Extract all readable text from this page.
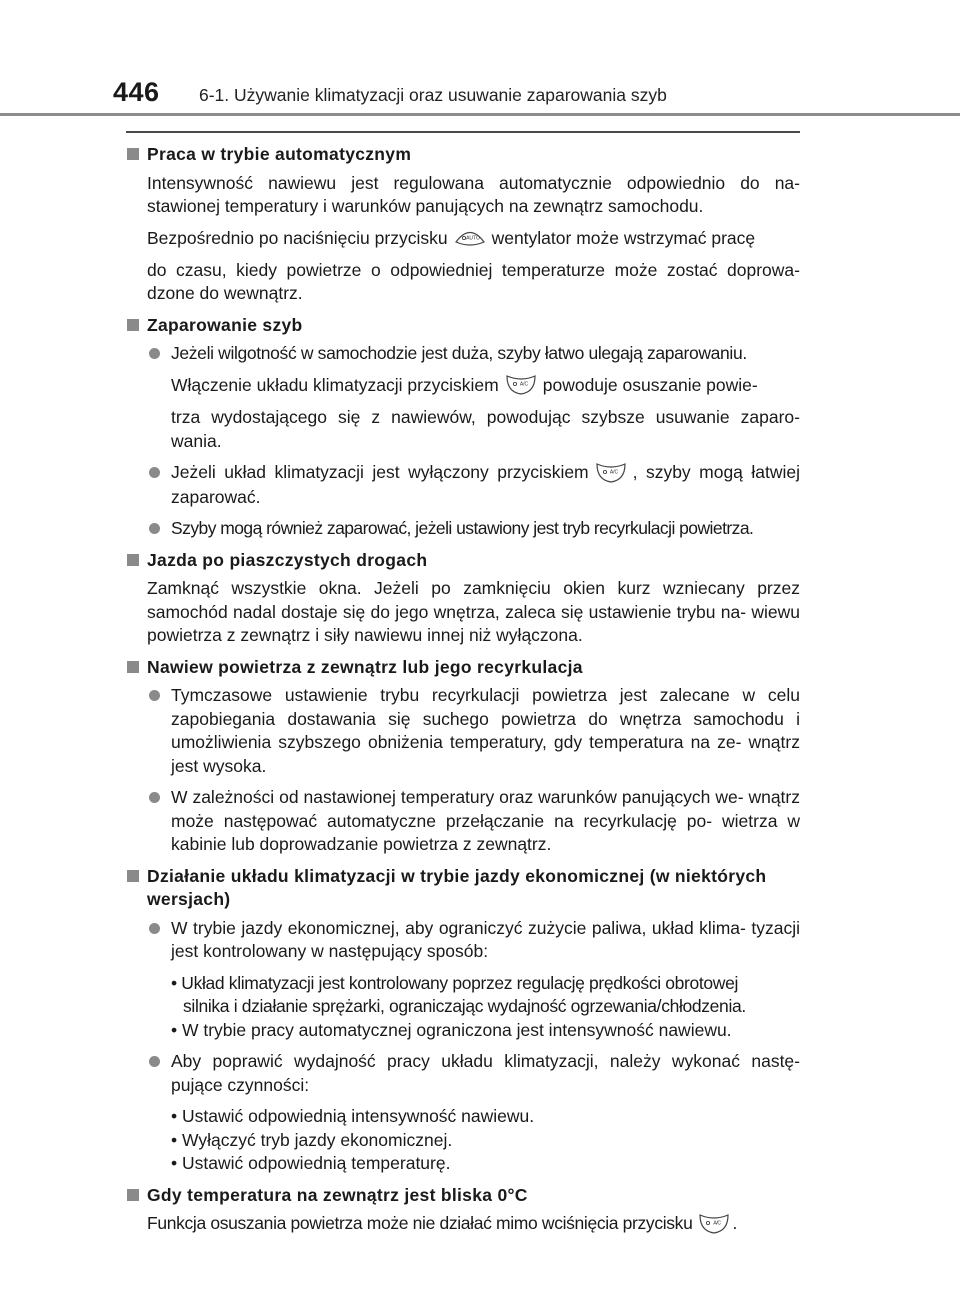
446 6-1. Używanie klimatyzacji oraz usuwanie zaparowania szyb
Praca w trybie automatycznym
Intensywność nawiewu jest regulowana automatycznie odpowiednio do na- stawionej temperatury i warunków panujących na zewnątrz samochodu.
Bezpośrednio po naciśnięciu przycisku	AUTO wentylator może wstrzymać pracę
do czasu, kiedy powietrze o odpowiedniej temperaturze może zostać doprowa- dzone do wewnątrz.
Zaparowanie szyb
Jeżeli wilgotność w samochodzie jest duża, szyby łatwo ulegają zaparowaniu.
Włączenie układu klimatyzacji przyciskiem	A/C powoduje osuszanie powie-
trza wydostającego się z nawiewów, powodując szybsze usuwanie zaparo- wania.
Jeżeli układ klimatyzacji jest wyłączony przyciskiem	A/C , szyby mogą łatwiej zaparować.
Szyby mogą również zaparować, jeżeli ustawiony jest tryb recyrkulacji powietrza.
Jazda po piaszczystych drogach
Zamknąć wszystkie okna. Jeżeli po zamknięciu okien kurz wzniecany przez samochód nadal dostaje się do jego wnętrza, zaleca się ustawienie trybu na- wiewu powietrza z zewnątrz i siły nawiewu innej niż wyłączona.
Nawiew powietrza z zewnątrz lub jego recyrkulacja
Tymczasowe ustawienie trybu recyrkulacji powietrza jest zalecane w celu zapobiegania dostawania się suchego powietrza do wnętrza samochodu i umożliwienia szybszego obniżenia temperatury, gdy temperatura na ze- wnątrz jest wysoka.
W zależności od nastawionej temperatury oraz warunków panujących we- wnątrz może następować automatyczne przełączanie na recyrkulację po- wietrza w kabinie lub doprowadzanie powietrza z zewnątrz.
Działanie układu klimatyzacji w trybie jazdy ekonomicznej (w niektórych wersjach)
W trybie jazdy ekonomicznej, aby ograniczyć zużycie paliwa, układ klima- tyzacji jest kontrolowany w następujący sposób:
• Układ klimatyzacji jest kontrolowany poprzez regulację prędkości obrotowej
silnika i działanie sprężarki, ograniczając wydajność ogrzewania/chłodzenia.
• W trybie pracy automatycznej ograniczona jest intensywność nawiewu.
Aby poprawić wydajność pracy układu klimatyzacji, należy wykonać nastę- pujące czynności:
• Ustawić odpowiednią intensywność nawiewu.
• Wyłączyć tryb jazdy ekonomicznej.
• Ustawić odpowiednią temperaturę.
Gdy temperatura na zewnątrz jest bliska 0°C
Funkcja osuszania powietrza może nie działać mimo wciśnięcia przycisku	A/C .
